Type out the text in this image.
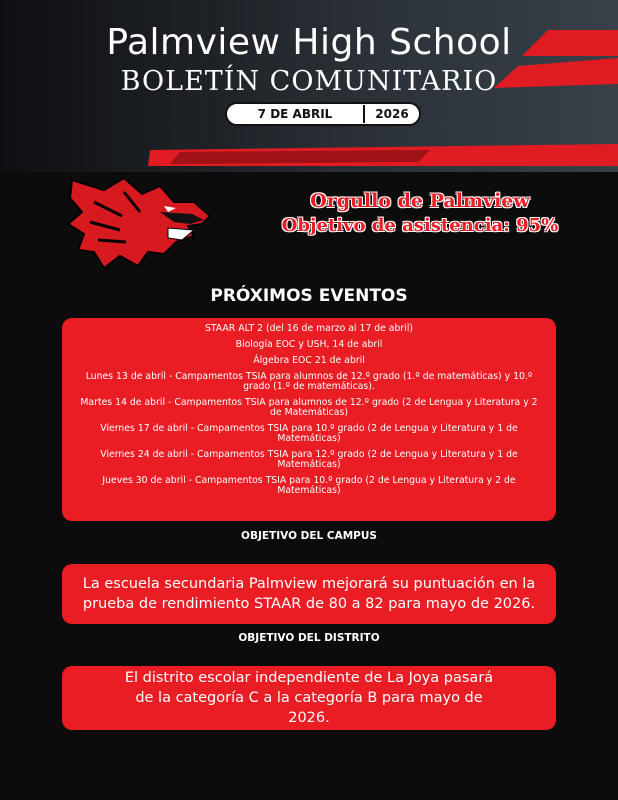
Palmview High School
BOLETÍN COMUNITARIO
7 DE ABRIL	2026
Orgullo de Palmview
Objetivo de asistencia: 95%
PRÓXIMOS EVENTOS

STAAR ALT 2 (del 16 de marzo al 17 de abril)

Biología EOC y USH, 14 de abril

Álgebra EOC 21 de abril

Lunes 13 de abril - Campamentos TSIA para alumnos de 12.º grado (1.º de matemáticas) y 10.º grado (1.º de matemáticas).

Martes 14 de abril - Campamentos TSIA para alumnos de 12.º grado (2 de Lengua y Literatura y 2 de Matemáticas)

Viernes 17 de abril - Campamentos TSIA para 10.º grado (2 de Lengua y Literatura y 1 de Matemáticas)

Viernes 24 de abril - Campamentos TSIA para 12.º grado (2 de Lengua y Literatura y 1 de Matemáticas)

Jueves 30 de abril - Campamentos TSIA para 10.º grado (2 de Lengua y Literatura y 2 de Matemáticas)

OBJETIVO DEL CAMPUS
La escuela secundaria Palmview mejorará su puntuación en la prueba de rendimiento STAAR de 80 a 82 para mayo de 2026.
OBJETIVO DEL DISTRITO
El distrito escolar independiente de La Joya pasará de la categoría C a la categoría B para mayo de 2026.
